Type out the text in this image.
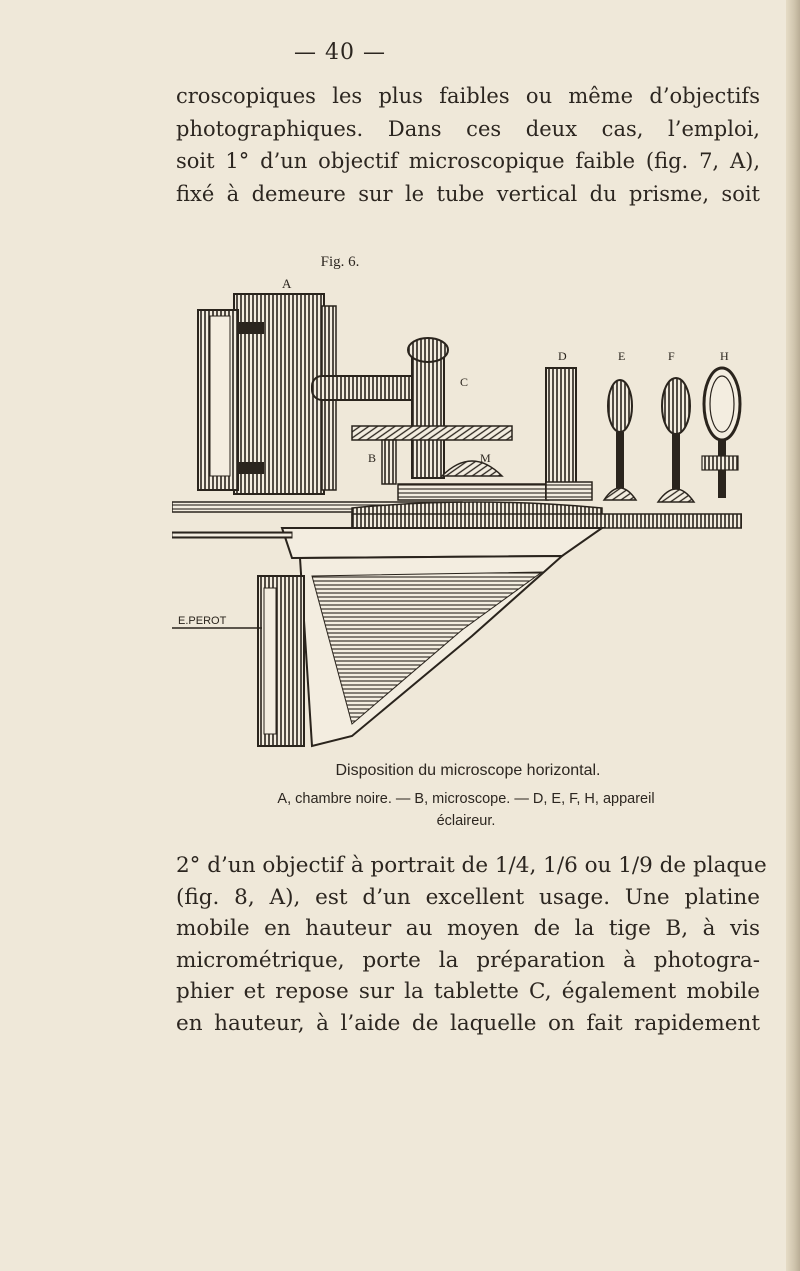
— 40 —
croscopiques les plus faibles ou même d’objectifs
photographiques. Dans ces deux cas, l’emploi,
soit 1° d’un objectif microscopique faible (fig. 7, A),
fixé à demeure sur le tube vertical du prisme, soit
Fig. 6.
A
C
B	M
D	E	F	H
E.PEROT
Disposition du microscope horizontal.
A, chambre noire. — B, microscope. — D, E, F, H, appareil
éclaireur.
2° d’un objectif à portrait de 1/4, 1/6 ou 1/9 de plaque
(fig. 8, A), est d’un excellent usage. Une platine
mobile en hauteur au moyen de la tige B, à vis
micrométrique, porte la préparation à photogra-
phier et repose sur la tablette C, également mobile
en hauteur, à l’aide de laquelle on fait rapidement
